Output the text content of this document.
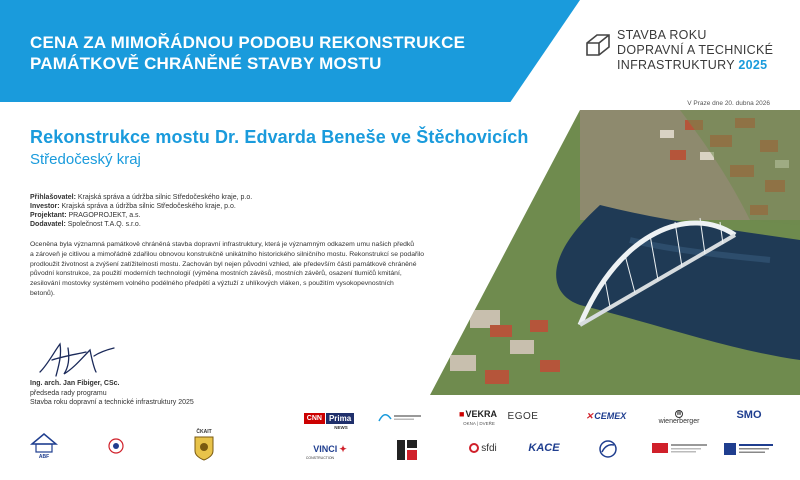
CENA ZA MIMOŘÁDNOU PODOBU REKONSTRUKCE
PAMÁTKOVĚ CHRÁNĚNÉ STAVBY MOSTU
STAVBA ROKU
DOPRAVNÍ A TECHNICKÉ
INFRASTRUKTURY 2025
V Praze dne 20. dubna 2026
Rekonstrukce mostu Dr. Edvarda Beneše ve Štěchovicích
Středočeský kraj
Přihlašovatel: Krajská správa a údržba silnic Středočeského kraje, p.o.
Investor: Krajská správa a údržba silnic Středočeského kraje, p.o.
Projektant: PRAGOPROJEKT, a.s.
Dodavatel: Společnost T.A.Q. s.r.o.
Oceněna byla významná památkově chráněná stavba dopravní infrastruktury, která je významným odkazem umu našich předků
a zároveň je citlivou a mimořádně zdařilou obnovou konstrukčně unikátního historického silničního mostu. Rekonstrukcí se podařilo
prodloužit životnost a zvýšení zatížitelnosti mostu. Zachován byl nejen původní vzhled, ale především části památkově chráněné
původní konstrukce, za použití moderních technologií (výměna mostních závěsů, mostních závěrů, osazení tlumičů kmitání,
zesilování mostovky systémem volného podélného předpětí a výztuží z uhlíkových vláken, s použitím vysokopevnostních
betonů).
Ing. arch. Jan Fibiger, CSc.
předseda rady programu
Stavba roku dopravní a technické infrastruktury 2025
CNN Prima
NEWS
■ VEKRA
OKNA | DVEŘE
EGOE	✕ CEMEX	W
wienerberger	SMO
VINCI ✦
CONSTRUCTION
sfdi	KACE
ABF
ČKAIT
